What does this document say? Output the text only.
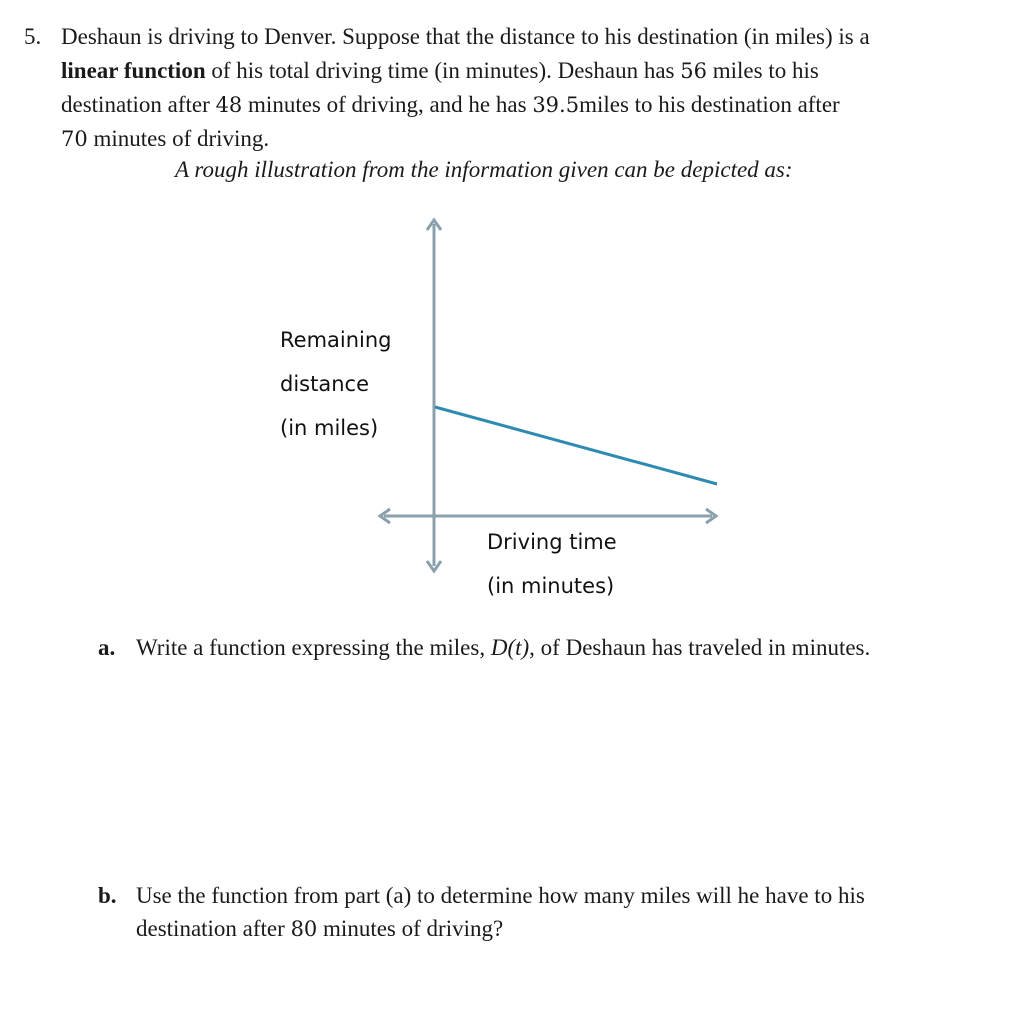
5. Deshaun is driving to Denver. Suppose that the distance to his destination (in miles) is a
linear function of his total driving time (in minutes). Deshaun has 56 miles to his
destination after 48 minutes of driving, and he has 39.5miles to his destination after
70 minutes of driving.
A rough illustration from the information given can be depicted as:
Remaining
distance
(in miles)
Driving time
(in minutes)
a. Write a function expressing the miles, D(t), of Deshaun has traveled in minutes.
b. Use the function from part (a) to determine how many miles will he have to his
destination after 80 minutes of driving?
